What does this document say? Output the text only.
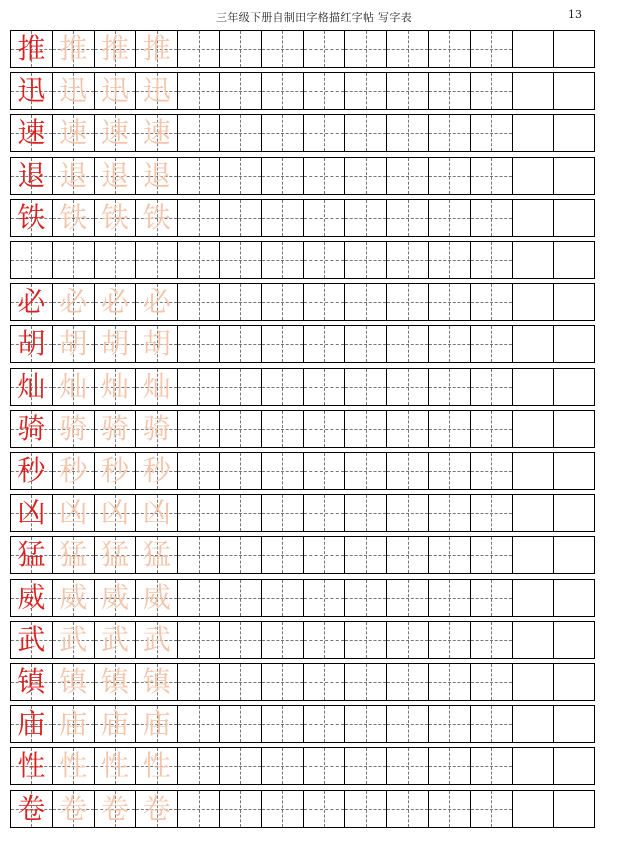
三年级下册自制田字格描红字帖 写字表	13
推 推 推 推
迅 迅 迅 迅
速 速 速 速
退 退 退 退
铁 铁 铁 铁
必 必 必 必
胡 胡 胡 胡
灿 灿 灿 灿
骑 骑 骑 骑
秒 秒 秒 秒
凶 凶 凶 凶
猛 猛 猛 猛
威 威 威 威
武 武 武 武
镇 镇 镇 镇
庙 庙 庙 庙
性 性 性 性
卷 卷 卷 卷
